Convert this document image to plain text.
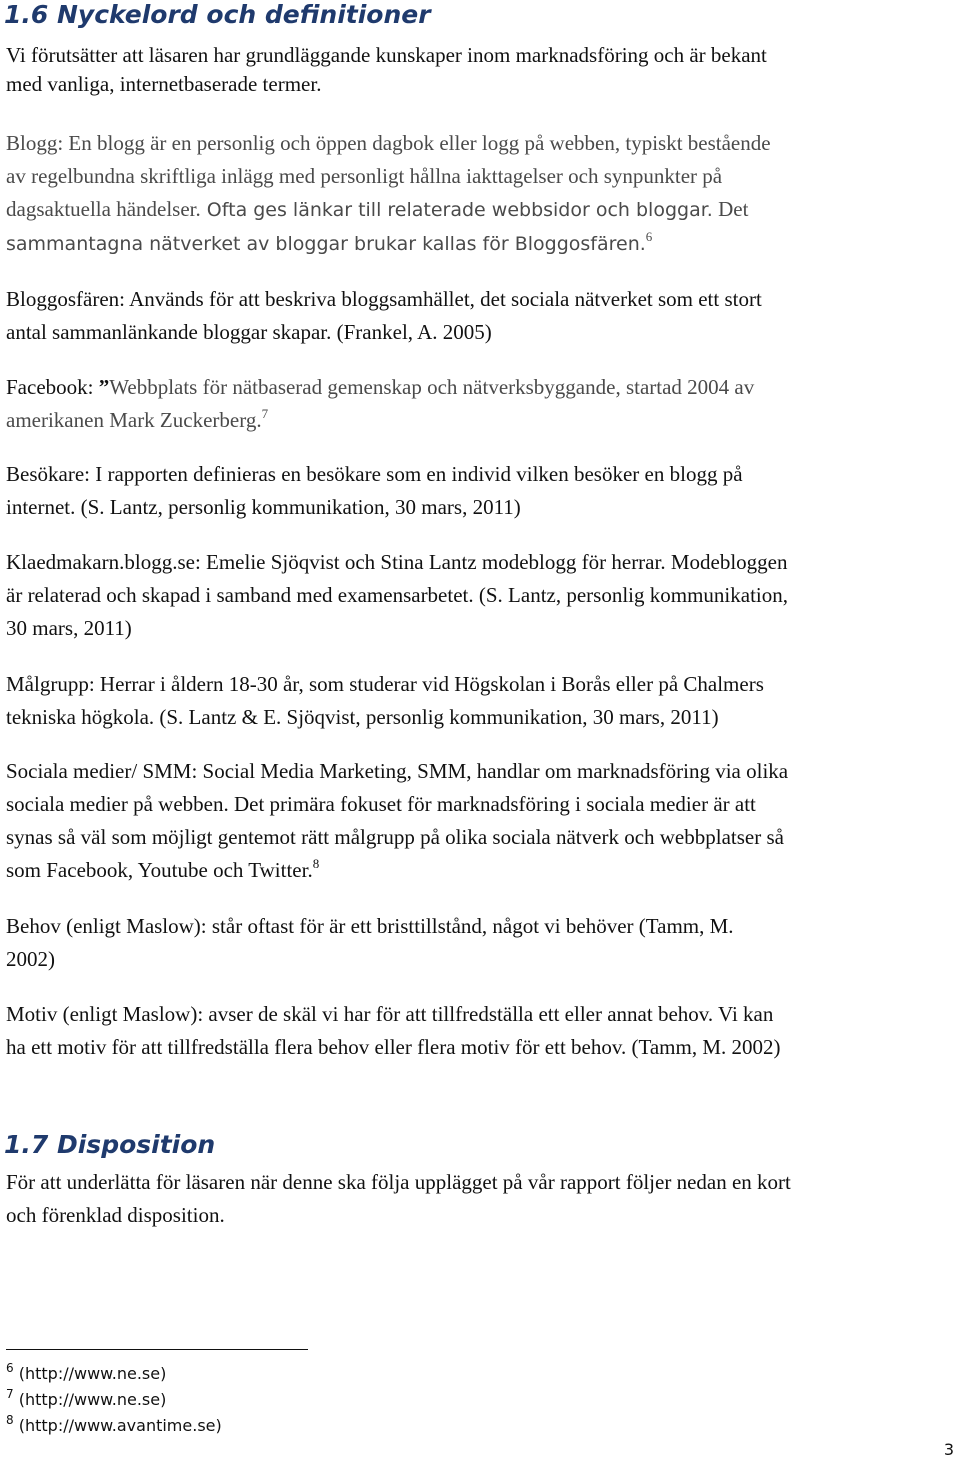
1.6 Nyckelord och definitioner

Vi förutsätter att läsaren har grundläggande kunskaper inom marknadsföring och är bekant
med vanliga, internetbaserade termer.

Blogg: En blogg är en personlig och öppen dagbok eller logg på webben, typiskt bestående
av regelbundna skriftliga inlägg med personligt hållna iakttagelser och synpunkter på
dagsaktuella händelser. Ofta ges länkar till relaterade webbsidor och bloggar. Det
sammantagna nätverket av bloggar brukar kallas för Bloggosfären.$^6$

Bloggosfären: Används för att beskriva bloggsamhället, det sociala nätverket som ett stort
antal sammanlänkande bloggar skapar. (Frankel, A. 2005)

Facebook: ”Webbplats för nätbaserad gemenskap och nätverksbyggande, startad 2004 av
amerikanen Mark Zuckerberg.$^7$

Besökare: I rapporten definieras en besökare som en individ vilken besöker en blogg på
internet. (S. Lantz, personlig kommunikation, 30 mars, 2011)

Klaedmakarn.blogg.se: Emelie Sjöqvist och Stina Lantz modeblogg för herrar. Modebloggen
är relaterad och skapad i samband med examensarbetet. (S. Lantz, personlig kommunikation,
30 mars, 2011)

Målgrupp: Herrar i åldern 18-30 år, som studerar vid Högskolan i Borås eller på Chalmers
tekniska högkola. (S. Lantz & E. Sjöqvist, personlig kommunikation, 30 mars, 2011)

Sociala medier/ SMM: Social Media Marketing, SMM, handlar om marknadsföring via olika
sociala medier på webben. Det primära fokuset för marknadsföring i sociala medier är att
synas så väl som möjligt gentemot rätt målgrupp på olika sociala nätverk och webbplatser så
som Facebook, Youtube och Twitter.$^8$

Behov (enligt Maslow): står oftast för är ett bristtillstånd, något vi behöver (Tamm, M.
2002)

Motiv (enligt Maslow): avser de skäl vi har för att tillfredställa ett eller annat behov. Vi kan
ha ett motiv för att tillfredställa flera behov eller flera motiv för ett behov. (Tamm, M. 2002)

1.7 Disposition

För att underlätta för läsaren när denne ska följa upplägget på vår rapport följer nedan en kort
och förenklad disposition.

$^6$ (http://www.ne.se)
$^7$ (http://www.ne.se)
$^8$ (http://www.avantime.se)
3
